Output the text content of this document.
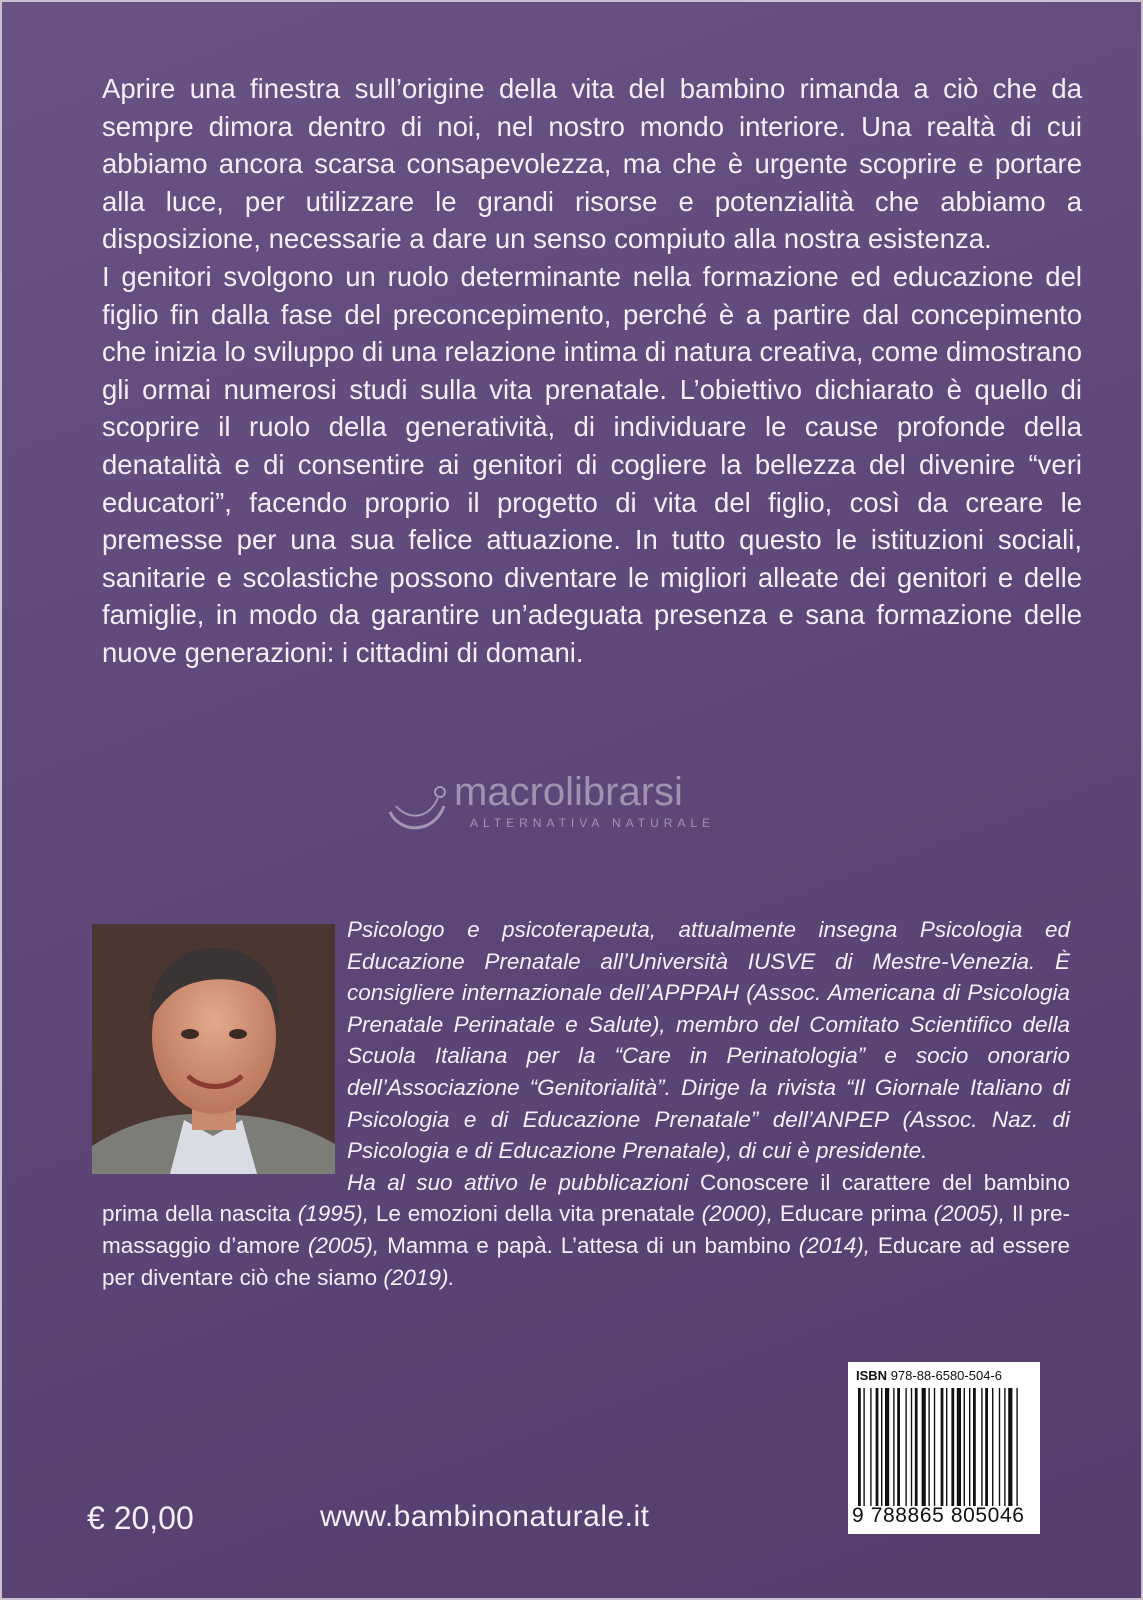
Aprire una finestra sull’origine della vita del bambino rimanda a ciò che da sempre dimora dentro di noi, nel nostro mondo interiore. Una realtà di cui abbiamo ancora scarsa consapevolezza, ma che è urgente scoprire e portare alla luce, per utilizzare le grandi risorse e potenzialità che abbiamo a disposizione, necessarie a dare un senso compiuto alla nostra esistenza.

I genitori svolgono un ruolo determinante nella formazione ed educazione del figlio fin dalla fase del preconcepimento, perché è a partire dal concepimento che inizia lo sviluppo di una relazione intima di natura creativa, come dimostrano gli ormai numerosi studi sulla vita prenatale. L’obiettivo dichiarato è quello di scoprire il ruolo della generatività, di individuare le cause profonde della denatalità e di consentire ai genitori di cogliere la bellezza del divenire “veri educatori”, facendo proprio il progetto di vita del figlio, così da creare le premesse per una sua felice attuazione. In tutto questo le istituzioni sociali, sanitarie e scolastiche possono diventare le migliori alleate dei genitori e delle famiglie, in modo da garantire un’adeguata presenza e sana formazione delle nuove generazioni: i cittadini di domani.

macrolibrarsi
ALTERNATIVA NATURALE

Psicologo e psicoterapeuta, attualmente insegna Psicologia ed Educazione Prenatale all’Università IUSVE di Mestre-Venezia. È consigliere internazionale dell’APPPAH (Assoc. Americana di Psicologia Prenatale Perinatale e Salute), membro del Comitato Scientifico della Scuola Italiana per la “Care in Perinatologia” e socio onorario dell’Associazione “Genitorialità”. Dirige la rivista “Il Giornale Italiano di Psicologia e di Educazione Prenatale” dell’ANPEP (Assoc. Naz. di Psicologia e di Educazione Prenatale), di cui è presidente.

Ha al suo attivo le pubblicazioni Conoscere il carattere del bambino prima della nascita (1995), Le emozioni della vita prenatale (2000), Educare prima (2005), Il pre-massaggio d’amore (2005), Mamma e papà. L’attesa di un bambino (2014), Educare ad essere per diventare ciò che siamo (2019).

€ 20,00	www.bambinonaturale.it
ISBN 978-88-6580-504-6
9 788865 805046
